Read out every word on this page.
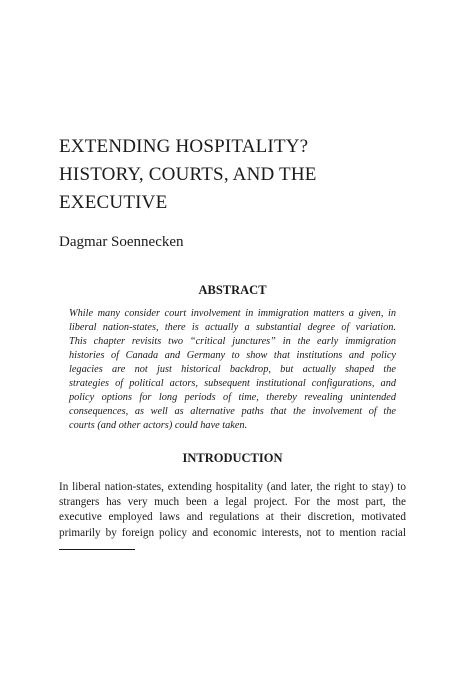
EXTENDING HOSPITALITY?
HISTORY, COURTS, AND THE
EXECUTIVE

Dagmar Soennecken

ABSTRACT

While many consider court involvement in immigration matters a given, in
liberal nation-states, there is actually a substantial degree of variation.
This chapter revisits two “critical junctures” in the early immigration
histories of Canada and Germany to show that institutions and policy
legacies are not just historical backdrop, but actually shaped the
strategies of political actors, subsequent institutional configurations, and
policy options for long periods of time, thereby revealing unintended
consequences, as well as alternative paths that the involvement of the
courts (and other actors) could have taken.

INTRODUCTION

In liberal nation-states, extending hospitality (and later, the right to stay) to
strangers has very much been a legal project. For the most part, the
executive employed laws and regulations at their discretion, motivated
primarily by foreign policy and economic interests, not to mention racial
